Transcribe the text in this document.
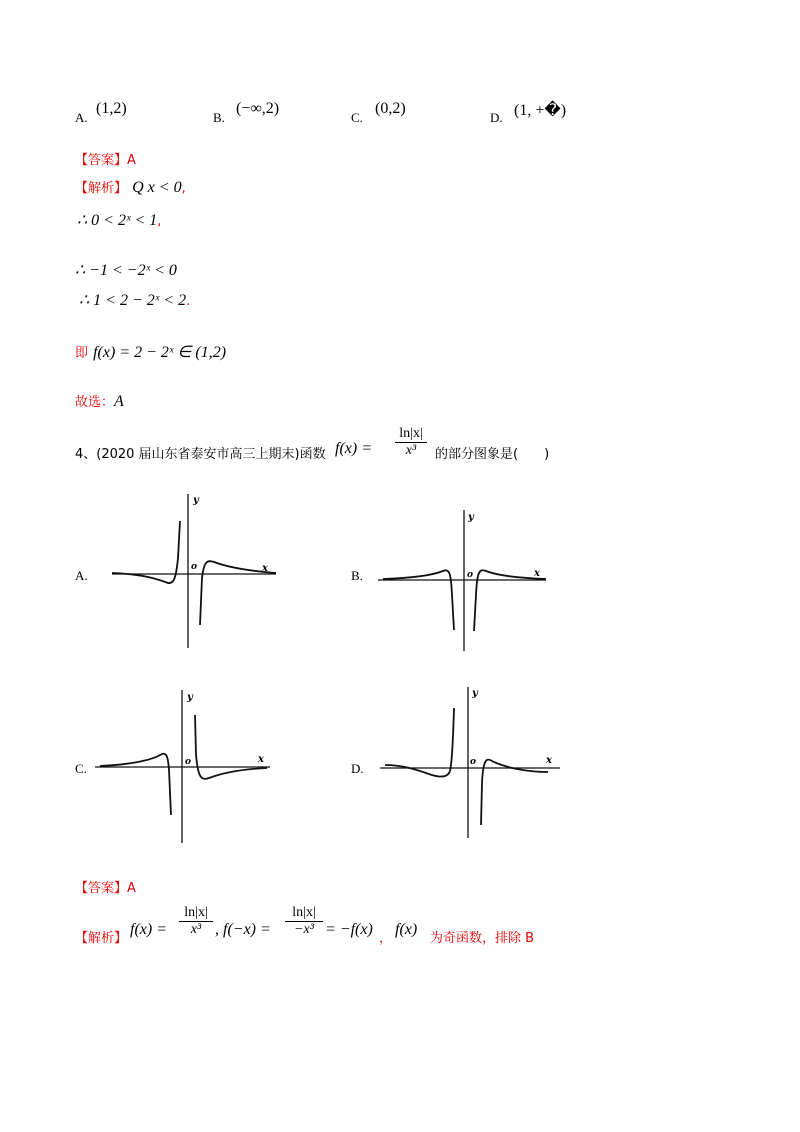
A.
(1,2)
B.
(−∞,2)
C.
(0,2)
D. (1, +�)
【答案】A
【解析】 Q x < 0,
∴ 0 < 2ˣ < 1,
∴ −1 < −2ˣ < 0
∴ 1 < 2 − 2ˣ < 2.
即 f(x) = 2 − 2ˣ ∈ (1,2)
故选：A
4、(2020 届山东省泰安市高三上期末)函数 $f(x) = \frac{\ln|x|}{\text{x³}}$ 的部分图象是(　　)
A.	B.
C.	D.
y
x
o
y
x
o
y
x
o
y
x
o
【答案】A
【解析】
$f(x) = \frac{\ln|x|}{\text{x³}}$ , $f(-x) = \frac{\ln|x|}{\text{−x³}} = -f(x)$
，
f(x)
为奇函数，排除 B
